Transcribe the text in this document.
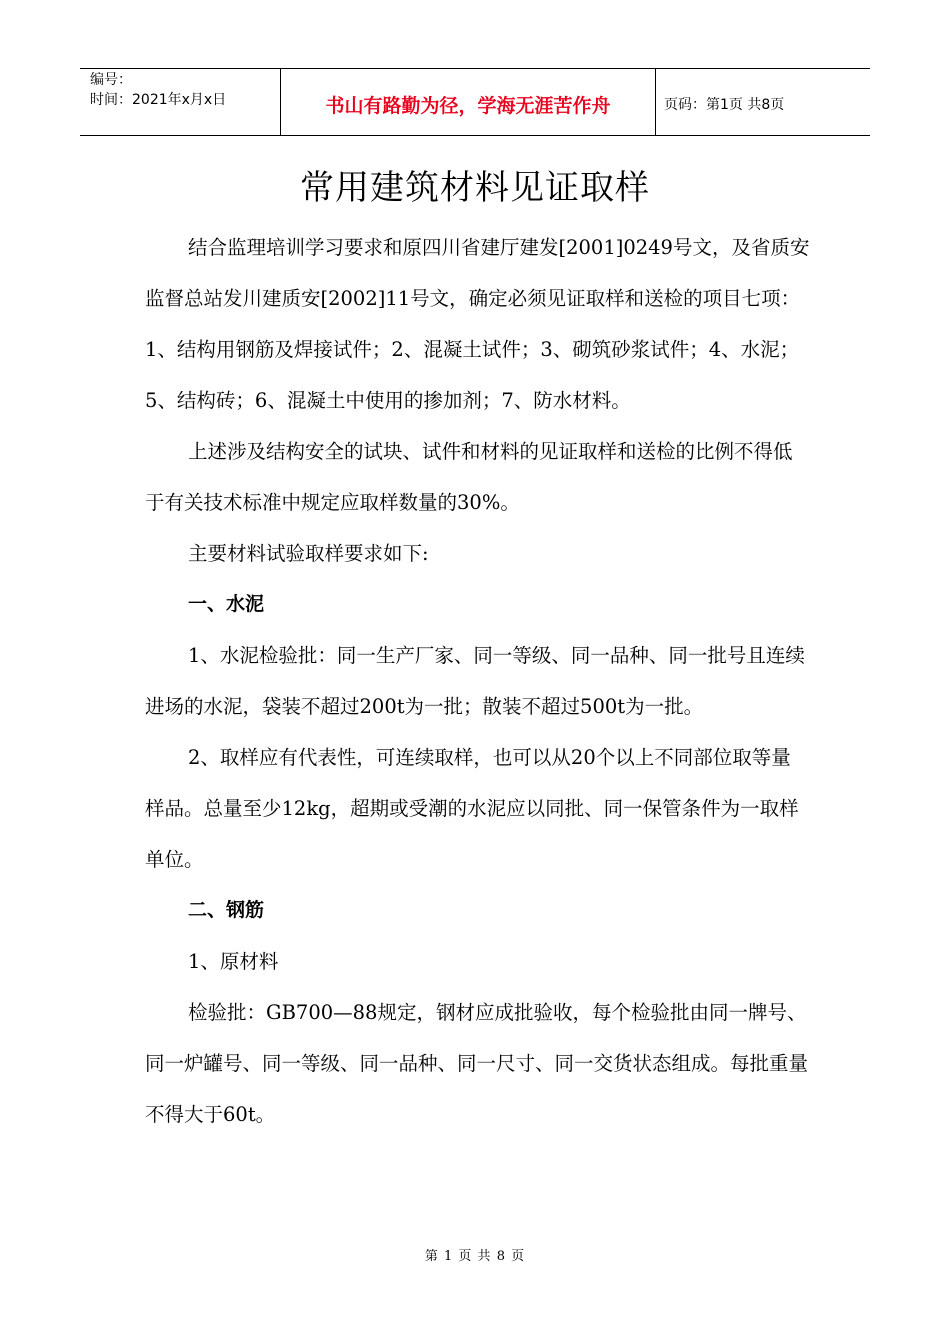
编号：
时间：2021年x月x日	书山有路勤为径，学海无涯苦作舟	页码：第1页 共8页
常用建筑材料见证取样

结合监理培训学习要求和原四川省建厅建发[2001]0249号文，及省质安监督总站发川建质安[2002]11号文，确定必须见证取样和送检的项目七项：1、结构用钢筋及焊接试件；2、混凝土试件；3、砌筑砂浆试件；4、水泥；5、结构砖；6、混凝土中使用的掺加剂；7、防水材料。

上述涉及结构安全的试块、试件和材料的见证取样和送检的比例不得低于有关技术标准中规定应取样数量的30%。

主要材料试验取样要求如下:

一、水泥

1、水泥检验批：同一生产厂家、同一等级、同一品种、同一批号且连续进场的水泥，袋装不超过200t为一批；散装不超过500t为一批。

2、取样应有代表性，可连续取样，也可以从20个以上不同部位取等量样品。总量至少12kg，超期或受潮的水泥应以同批、同一保管条件为一取样单位。

二、钢筋

1、原材料

检验批：GB700—88规定，钢材应成批验收，每个检验批由同一牌号、同一炉罐号、同一等级、同一品种、同一尺寸、同一交货状态组成。每批重量不得大于60t。

第 1 页 共 8 页
